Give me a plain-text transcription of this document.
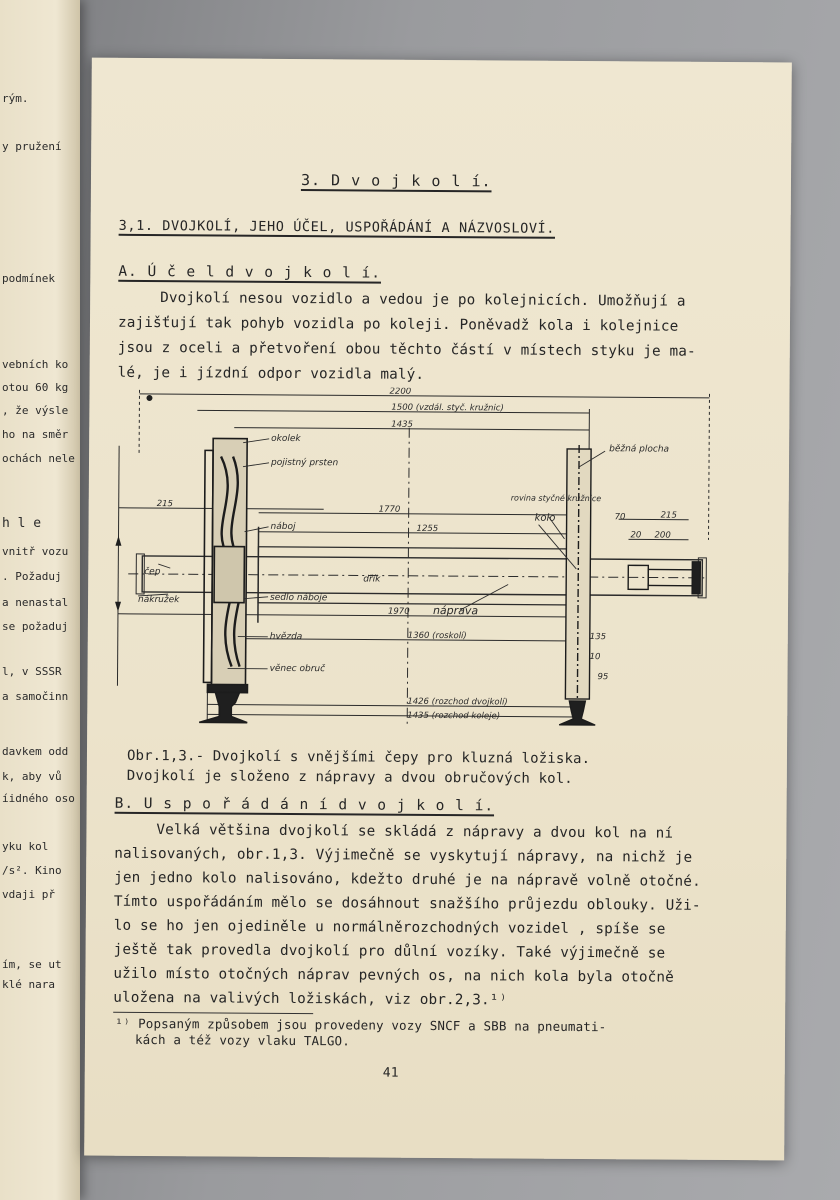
rým.
y pružení
podmínek
vebních ko
otou 60 kg
, že výsle
ho na směr
ochách nele
h l e
vnitř vozu
. Požaduj
a nenastal
se požaduj
l, v SSSR
a samočinn
davkem odd
k, aby vů
íidného oso
yku kol
/s². Kino
vdaji př
ím, se ut
klé nara
3. D v o j k o l í.
3,1. DVOJKOLÍ, JEHO ÚČEL, USPOŘÁDÁNÍ A NÁZVOSLOVÍ.
A. Ú č e l d v o j k o l í.
Dvojkolí nesou vozidlo a vedou je po kolejnicích. Umožňují a
zajišťují tak pohyb vozidla po koleji. Poněvadž kola i kolejnice
jsou z oceli a přetvoření obou těchto částí v místech styku je ma-
lé, je i jízdní odpor vozidla malý.
2200
1500 (vzdál. styč. kružnic)
1435
215
1770
1255
1970
1360 (roskolí)
1426 (rozchod dvojkolí)
1435 (rozchod koleje)
215
200
20
70
135
10
95
okolek
pojistný prsten
náboj
čep
nákružek	sedlo náboje
dřík
náprava
hvězda
věnec obruč
běžná plocha
rovina styčné kružnice
kolo
Obr.1,3.- Dvojkolí s vnějšími čepy pro kluzná ložiska.
Dvojkolí je složeno z nápravy a dvou obručových kol.
B. U s p o ř á d á n í d v o j k o l í.
Velká většina dvojkolí se skládá z nápravy a dvou kol na ní
nalisovaných, obr.1,3. Výjimečně se vyskytují nápravy, na nichž je
jen jedno kolo nalisováno, kdežto druhé je na nápravě volně otočné.
Tímto uspořádáním mělo se dosáhnout snažšího průjezdu oblouky. Uži-
lo se ho jen ojediněle u normálněrozchodných vozidel , spíše se
ještě tak provedla dvojkolí pro důlní vozíky. Také výjimečně se
užilo místo otočných náprav pevných os, na nich kola byla otočně
uložena na valivých ložiskách, viz obr.2,3.¹⁾
¹⁾ Popsaným způsobem jsou provedeny vozy SNCF a SBB na pneumati-
kách a též vozy vlaku TALGO.
41
